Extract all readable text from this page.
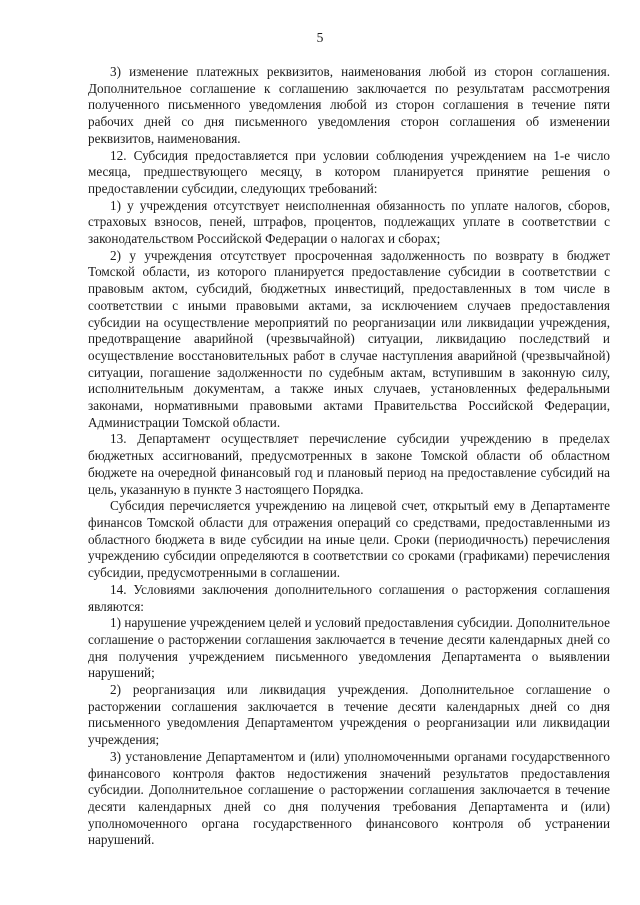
5

3) изменение платежных реквизитов, наименования любой из сторон соглашения. Дополнительное соглашение к соглашению заключается по результатам рассмотрения полученного письменного уведомления любой из сторон соглашения в течение пяти рабочих дней со дня письменного уведомления сторон соглашения об изменении реквизитов, наименования.

12. Субсидия предоставляется при условии соблюдения учреждением на 1-е число месяца, предшествующего месяцу, в котором планируется принятие решения о предоставлении субсидии, следующих требований:

1) у учреждения отсутствует неисполненная обязанность по уплате налогов, сборов, страховых взносов, пеней, штрафов, процентов, подлежащих уплате в соответствии с законодательством Российской Федерации о налогах и сборах;

2) у учреждения отсутствует просроченная задолженность по возврату в бюджет Томской области, из которого планируется предоставление субсидии в соответствии с правовым актом, субсидий, бюджетных инвестиций, предоставленных в том числе в соответствии с иными правовыми актами, за исключением случаев предоставления субсидии на осуществление мероприятий по реорганизации или ликвидации учреждения, предотвращение аварийной (чрезвычайной) ситуации, ликвидацию последствий и осуществление восстановительных работ в случае наступления аварийной (чрезвычайной) ситуации, погашение задолженности по судебным актам, вступившим в законную силу, исполнительным документам, а также иных случаев, установленных федеральными законами, нормативными правовыми актами Правительства Российской Федерации, Администрации Томской области.

13. Департамент осуществляет перечисление субсидии учреждению в пределах бюджетных ассигнований, предусмотренных в законе Томской области об областном бюджете на очередной финансовый год и плановый период на предоставление субсидий на цель, указанную в пункте 3 настоящего Порядка.

Субсидия перечисляется учреждению на лицевой счет, открытый ему в Департаменте финансов Томской области для отражения операций со средствами, предоставленными из областного бюджета в виде субсидии на иные цели. Сроки (периодичность) перечисления учреждению субсидии определяются в соответствии со сроками (графиками) перечисления субсидии, предусмотренными в соглашении.

14. Условиями заключения дополнительного соглашения о расторжения соглашения являются:

1) нарушение учреждением целей и условий предоставления субсидии. Дополнительное соглашение о расторжении соглашения заключается в течение десяти календарных дней со дня получения учреждением письменного уведомления Департамента о выявлении нарушений;

2) реорганизация или ликвидация учреждения. Дополнительное соглашение о расторжении соглашения заключается в течение десяти календарных дней со дня письменного уведомления Департаментом учреждения о реорганизации или ликвидации учреждения;

3) установление Департаментом и (или) уполномоченными органами государственного финансового контроля фактов недостижения значений результатов предоставления субсидии. Дополнительное соглашение о расторжении соглашения заключается в течение десяти календарных дней со дня получения требования Департамента и (или) уполномоченного органа государственного финансового контроля об устранении нарушений.
